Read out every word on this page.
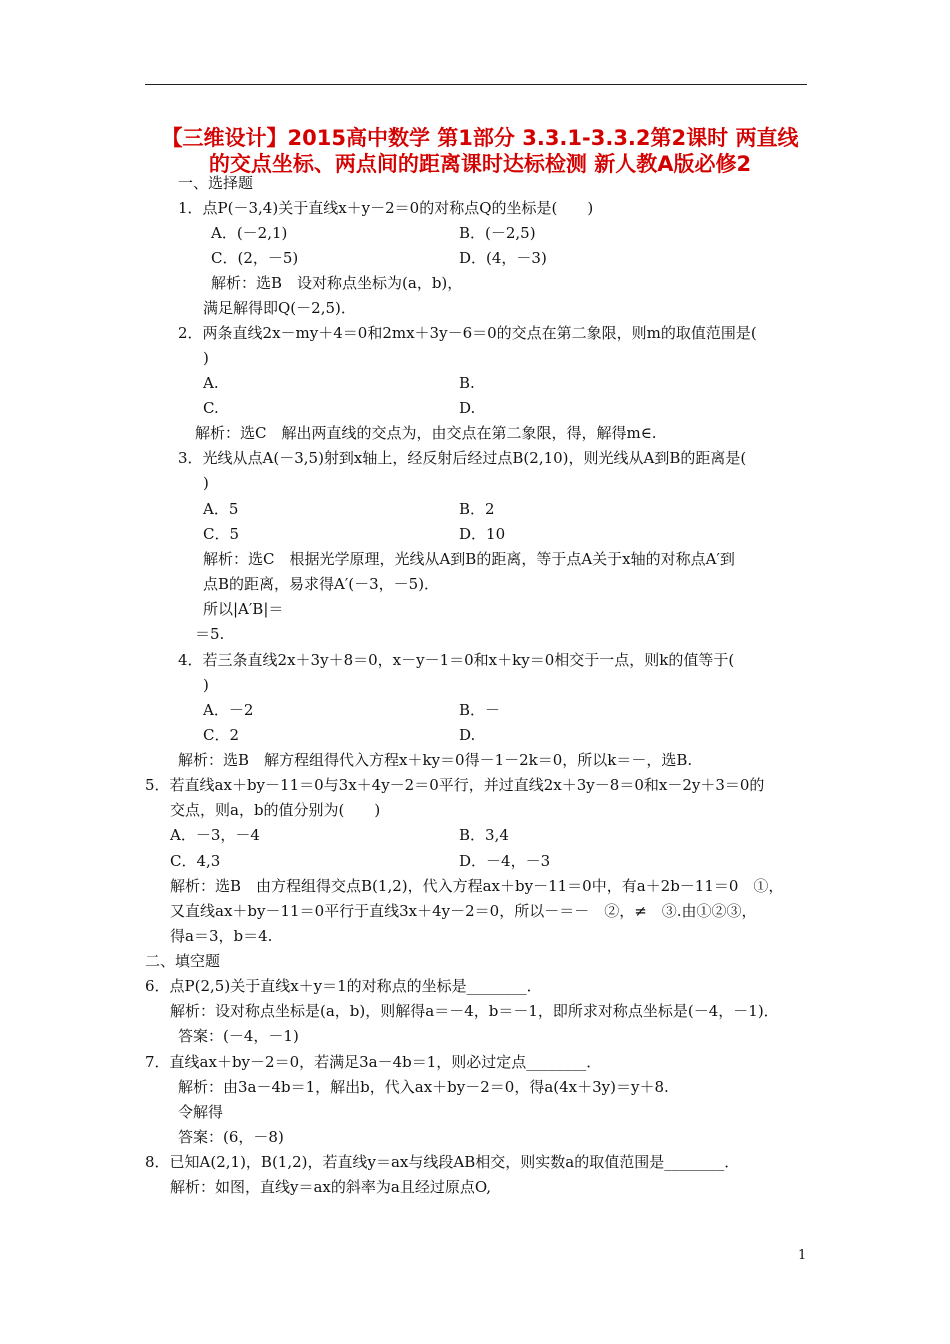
【三维设计】2015高中数学 第1部分 3.3.1-3.3.2第2课时 两直线
的交点坐标、两点间的距离课时达标检测 新人教A版必修2
一、选择题
1．点P(－3,4)关于直线x＋y－2＝0的对称点Q的坐标是(　　)
A．(－2,1)	B．(－2,5)
C．(2，－5)	D．(4，－3)
解析：选B　设对称点坐标为(a，b)，
满足解得即Q(－2,5)．
2．两条直线2x－my＋4＝0和2mx＋3y－6＝0的交点在第二象限，则m的取值范围是(
)
A.	B.
C.	D.
解析：选C　解出两直线的交点为，由交点在第二象限，得，解得m∈.
3．光线从点A(－3,5)射到x轴上，经反射后经过点B(2,10)，则光线从A到B的距离是(
)
A．5	B．2
C．5	D．10
解析：选C　根据光学原理，光线从A到B的距离，等于点A关于x轴的对称点A′到
点B的距离，易求得A′(－3，－5)．
所以|A′B|＝
＝5.
4．若三条直线2x＋3y＋8＝0，x－y－1＝0和x＋ky＝0相交于一点，则k的值等于(
)
A．－2	B．－
C．2	D.
解析：选B　解方程组得代入方程x＋ky＝0得－1－2k＝0，所以k＝－，选B.
5．若直线ax＋by－11＝0与3x＋4y－2＝0平行，并过直线2x＋3y－8＝0和x－2y＋3＝0的
交点，则a，b的值分别为(　　)
A．－3，－4	B．3,4
C．4,3	D．－4，－3
解析：选B　由方程组得交点B(1,2)，代入方程ax＋by－11＝0中，有a＋2b－11＝0　①，
又直线ax＋by－11＝0平行于直线3x＋4y－2＝0，所以－＝－　②，≠　③.由①②③，
得a＝3，b＝4.
二、填空题
6．点P(2,5)关于直线x＋y＝1的对称点的坐标是________．
解析：设对称点坐标是(a，b)，则解得a＝－4，b＝－1，即所求对称点坐标是(－4，－1)．
答案：(－4，－1)
7．直线ax＋by－2＝0，若满足3a－4b＝1，则必过定点________．
解析：由3a－4b＝1，解出b，代入ax＋by－2＝0，得a(4x＋3y)＝y＋8.
令解得
答案：(6，－8)
8．已知A(2,1)，B(1,2)，若直线y＝ax与线段AB相交，则实数a的取值范围是________．
解析：如图，直线y＝ax的斜率为a且经过原点O,
1
